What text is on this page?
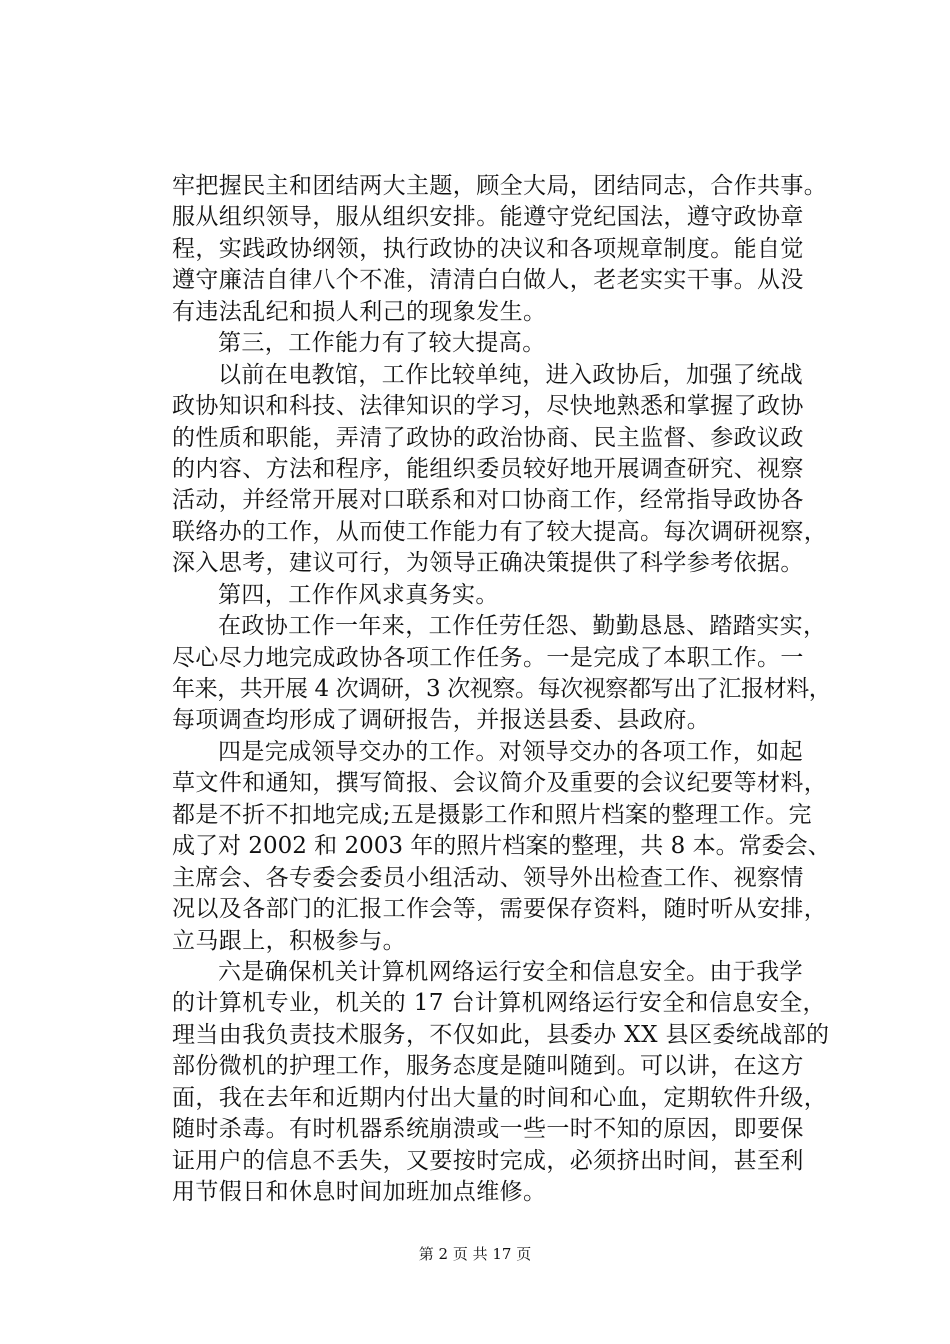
牢把握民主和团结两大主题，顾全大局，团结同志，合作共事。
服从组织领导，服从组织安排。能遵守党纪国法，遵守政协章
程，实践政协纲领，执行政协的决议和各项规章制度。能自觉
遵守廉洁自律八个不准，清清白白做人，老老实实干事。从没
有违法乱纪和损人利己的现象发生。
第三，工作能力有了较大提高。
以前在电教馆，工作比较单纯，进入政协后，加强了统战
政协知识和科技、法律知识的学习，尽快地熟悉和掌握了政协
的性质和职能，弄清了政协的政治协商、民主监督、参政议政
的内容、方法和程序，能组织委员较好地开展调查研究、视察
活动，并经常开展对口联系和对口协商工作，经常指导政协各
联络办的工作，从而使工作能力有了较大提高。每次调研视察，
深入思考，建议可行，为领导正确决策提供了科学参考依据。
第四，工作作风求真务实。
在政协工作一年来，工作任劳任怨、勤勤恳恳、踏踏实实，
尽心尽力地完成政协各项工作任务。一是完成了本职工作。一
年来，共开展 4 次调研，3 次视察。每次视察都写出了汇报材料，
每项调查均形成了调研报告，并报送县委、县政府。
四是完成领导交办的工作。对领导交办的各项工作，如起
草文件和通知，撰写简报、会议简介及重要的会议纪要等材料，
都是不折不扣地完成;五是摄影工作和照片档案的整理工作。完
成了对 2002 和 2003 年的照片档案的整理，共 8 本。常委会、
主席会、各专委会委员小组活动、领导外出检查工作、视察情
况以及各部门的汇报工作会等，需要保存资料，随时听从安排，
立马跟上，积极参与。
六是确保机关计算机网络运行安全和信息安全。由于我学
的计算机专业，机关的 17 台计算机网络运行安全和信息安全，
理当由我负责技术服务，不仅如此，县委办 XX 县区委统战部的
部份微机的护理工作，服务态度是随叫随到。可以讲，在这方
面，我在去年和近期内付出大量的时间和心血，定期软件升级，
随时杀毒。有时机器系统崩溃或一些一时不知的原因，即要保
证用户的信息不丢失，又要按时完成，必须挤出时间，甚至利
用节假日和休息时间加班加点维修。
第 2 页 共 17 页
